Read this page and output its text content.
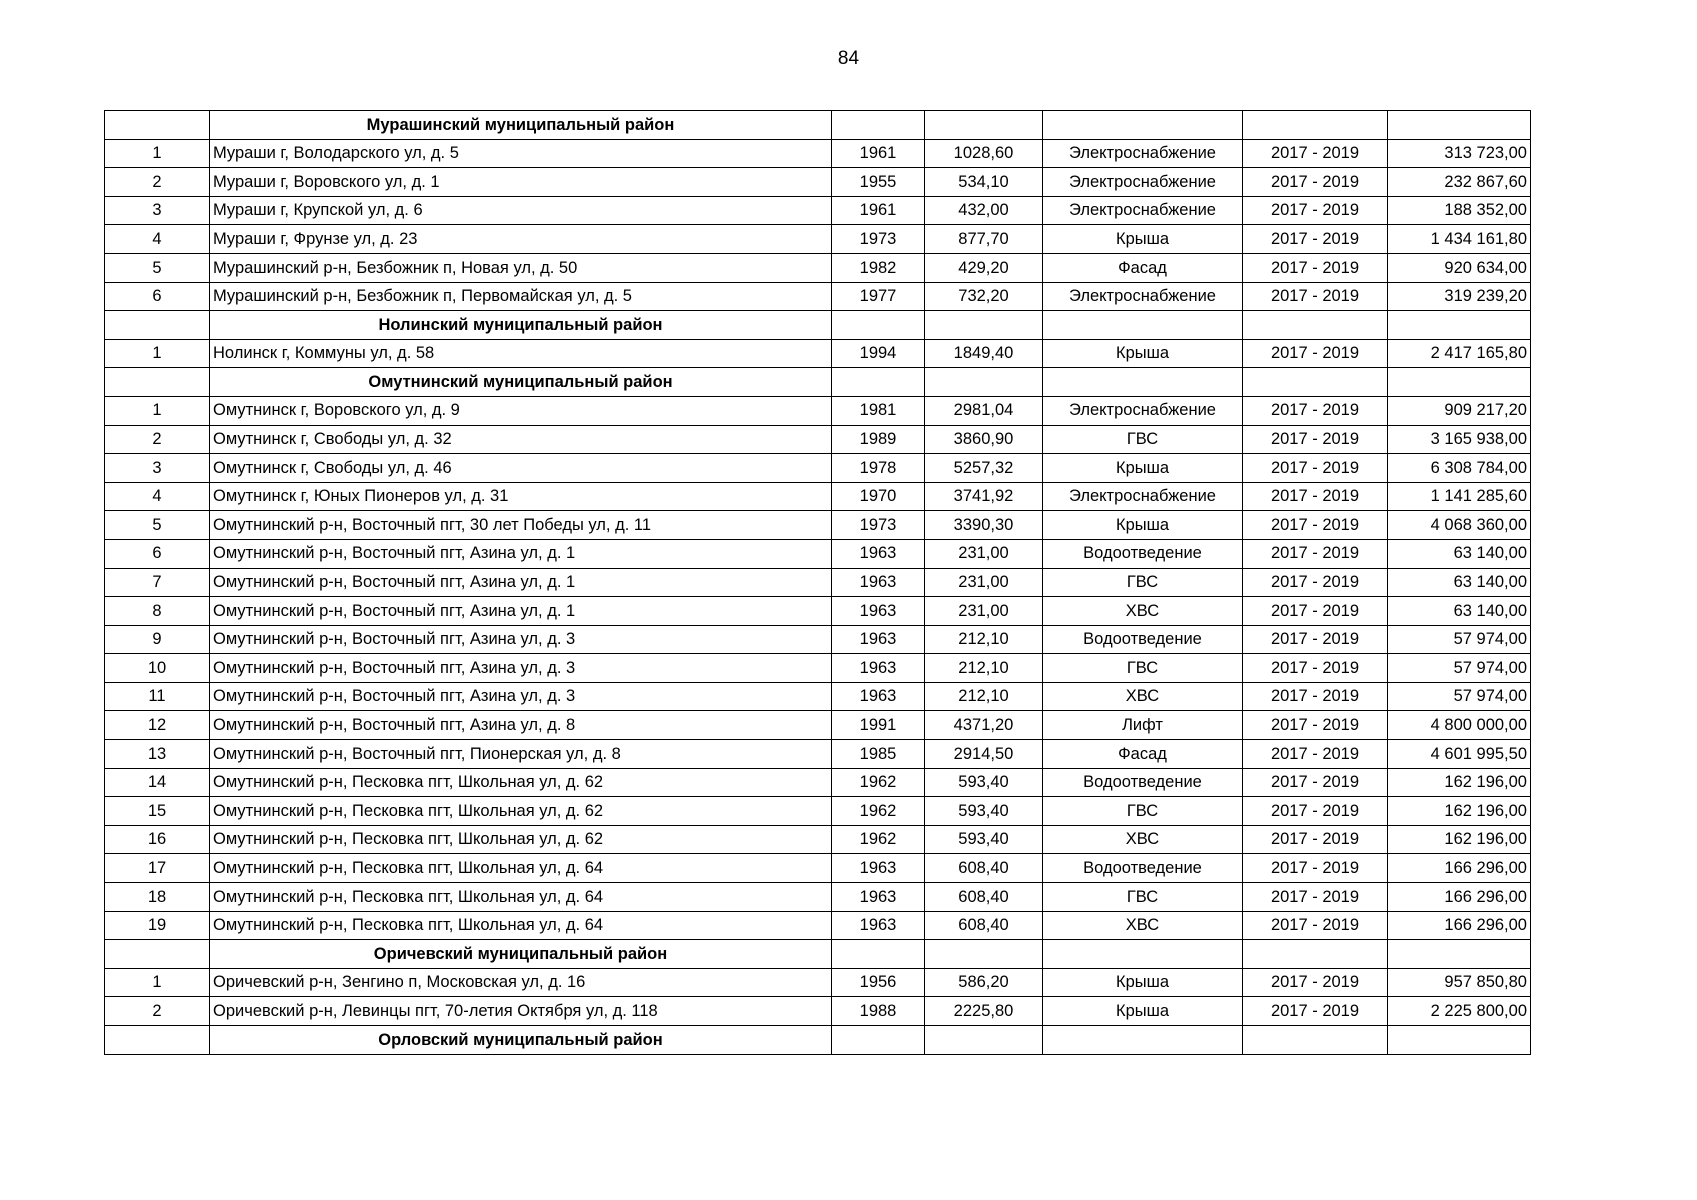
84
	Мурашинский муниципальный район					
1	Мураши г, Володарского ул, д. 5	1961	1028,60	Электроснабжение	2017 - 2019	313 723,00
2	Мураши г, Воровского ул, д. 1	1955	534,10	Электроснабжение	2017 - 2019	232 867,60
3	Мураши г, Крупской ул, д. 6	1961	432,00	Электроснабжение	2017 - 2019	188 352,00
4	Мураши г, Фрунзе ул, д. 23	1973	877,70	Крыша	2017 - 2019	1 434 161,80
5	Мурашинский р-н, Безбожник п, Новая ул, д. 50	1982	429,20	Фасад	2017 - 2019	920 634,00
6	Мурашинский р-н, Безбожник п, Первомайская ул, д. 5	1977	732,20	Электроснабжение	2017 - 2019	319 239,20
	Нолинский муниципальный район					
1	Нолинск г, Коммуны ул, д. 58	1994	1849,40	Крыша	2017 - 2019	2 417 165,80
	Омутнинский муниципальный район					
1	Омутнинск г, Воровского ул, д. 9	1981	2981,04	Электроснабжение	2017 - 2019	909 217,20
2	Омутнинск г, Свободы ул, д. 32	1989	3860,90	ГВС	2017 - 2019	3 165 938,00
3	Омутнинск г, Свободы ул, д. 46	1978	5257,32	Крыша	2017 - 2019	6 308 784,00
4	Омутнинск г, Юных Пионеров ул, д. 31	1970	3741,92	Электроснабжение	2017 - 2019	1 141 285,60
5	Омутнинский р-н, Восточный пгт, 30 лет Победы ул, д. 11	1973	3390,30	Крыша	2017 - 2019	4 068 360,00
6	Омутнинский р-н, Восточный пгт, Азина ул, д. 1	1963	231,00	Водоотведение	2017 - 2019	63 140,00
7	Омутнинский р-н, Восточный пгт, Азина ул, д. 1	1963	231,00	ГВС	2017 - 2019	63 140,00
8	Омутнинский р-н, Восточный пгт, Азина ул, д. 1	1963	231,00	ХВС	2017 - 2019	63 140,00
9	Омутнинский р-н, Восточный пгт, Азина ул, д. 3	1963	212,10	Водоотведение	2017 - 2019	57 974,00
10	Омутнинский р-н, Восточный пгт, Азина ул, д. 3	1963	212,10	ГВС	2017 - 2019	57 974,00
11	Омутнинский р-н, Восточный пгт, Азина ул, д. 3	1963	212,10	ХВС	2017 - 2019	57 974,00
12	Омутнинский р-н, Восточный пгт, Азина ул, д. 8	1991	4371,20	Лифт	2017 - 2019	4 800 000,00
13	Омутнинский р-н, Восточный пгт, Пионерская ул, д. 8	1985	2914,50	Фасад	2017 - 2019	4 601 995,50
14	Омутнинский р-н, Песковка пгт, Школьная ул, д. 62	1962	593,40	Водоотведение	2017 - 2019	162 196,00
15	Омутнинский р-н, Песковка пгт, Школьная ул, д. 62	1962	593,40	ГВС	2017 - 2019	162 196,00
16	Омутнинский р-н, Песковка пгт, Школьная ул, д. 62	1962	593,40	ХВС	2017 - 2019	162 196,00
17	Омутнинский р-н, Песковка пгт, Школьная ул, д. 64	1963	608,40	Водоотведение	2017 - 2019	166 296,00
18	Омутнинский р-н, Песковка пгт, Школьная ул, д. 64	1963	608,40	ГВС	2017 - 2019	166 296,00
19	Омутнинский р-н, Песковка пгт, Школьная ул, д. 64	1963	608,40	ХВС	2017 - 2019	166 296,00
	Оричевский муниципальный район					
1	Оричевский р-н, Зенгино п, Московская ул, д. 16	1956	586,20	Крыша	2017 - 2019	957 850,80
2	Оричевский р-н, Левинцы пгт, 70-летия Октября ул, д. 118	1988	2225,80	Крыша	2017 - 2019	2 225 800,00
	Орловский муниципальный район					
